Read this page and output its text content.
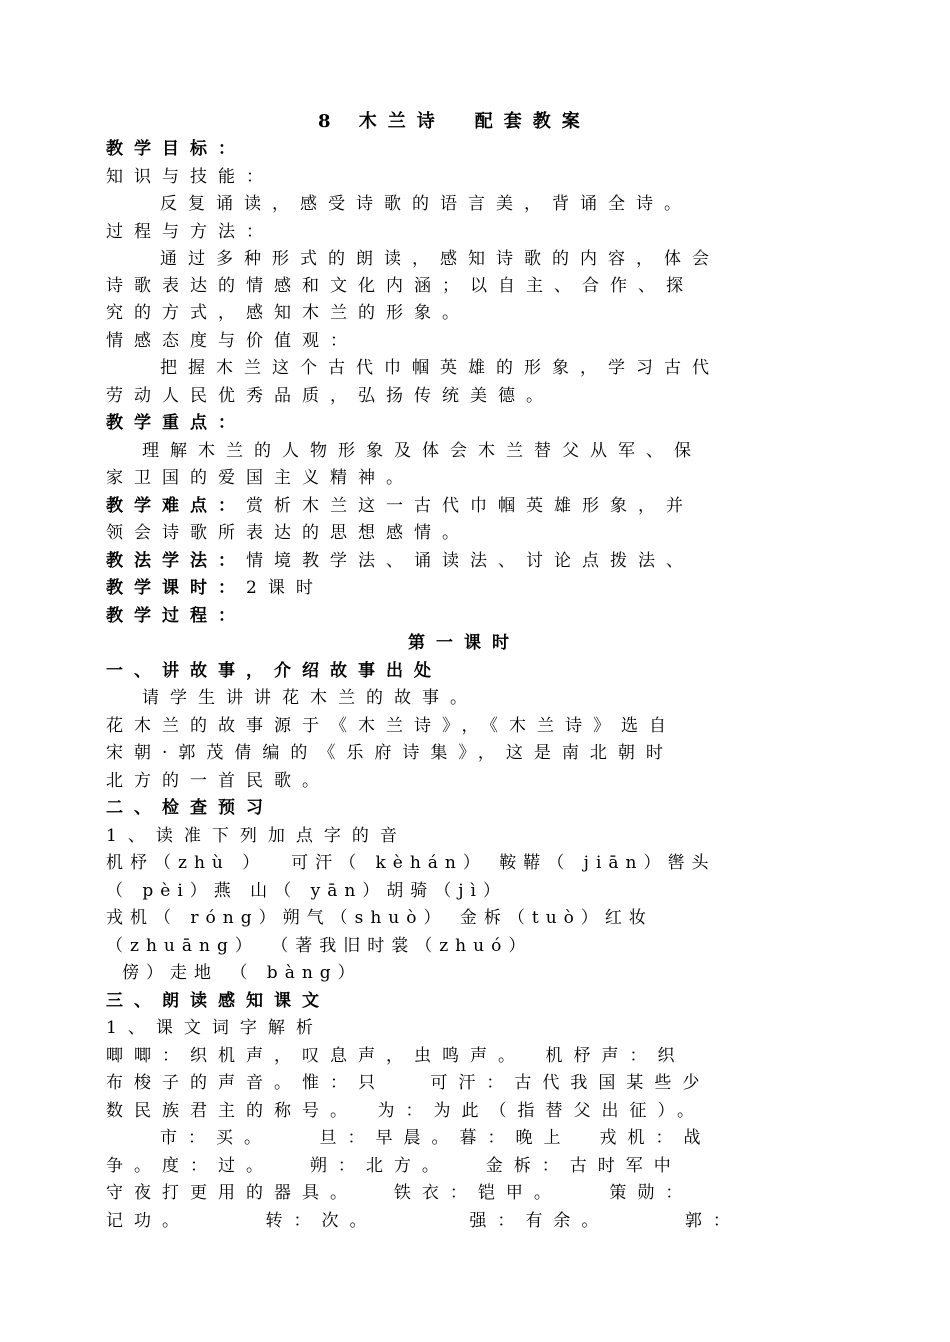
8 木兰诗　配套教案
教学目标：
知识与技能：
反复诵读，感受诗歌的语言美，背诵全诗。
过程与方法：
通过多种形式的朗读，感知诗歌的内容，体会
诗歌表达的情感和文化内涵；以自主、合作、探
究的方式，感知木兰的形象。
情感态度与价值观：
把握木兰这个古代巾帼英雄的形象，学习古代
劳动人民优秀品质，弘扬传统美德。
教学重点：
理解木兰的人物形象及体会木兰替父从军、保
家卫国的爱国主义精神。
教学难点：赏析木兰这一古代巾帼英雄形象，并
领会诗歌所表达的思想感情。
教法学法：情境教学法、诵读法、讨论点拨法、
教学课时：2课时
教学过程：
第一课时
一、讲故事，介绍故事出处
请学生讲讲花木兰的故事。
花木兰的故事源于《木兰诗》，《木兰诗》选自
宋朝·郭茂倩编的《乐府诗集》，这是南北朝时
北方的一首民歌。
二、检查预习
1、读准下列加点字的音
机杼（zhù ）  可汗（ kèhán） 鞍鞯（ jiān）辔头
（ pèi）燕 山（ yān）胡骑（jì）
戎机（ róng）朔气（shuò） 金柝（tuò）红妆
（zhuāng） （著我旧时裳（zhuó）
傍）走地 （ bàng）
三、朗读感知课文
1、课文词字解析
唧唧：织机声，叹息声，虫鸣声。　机杼声：织
布梭子的声音。惟：只　 可汗：古代我国某些少
数民族君主的称号。　为：为此（指替父出征）。
市：买。　　旦：早晨。暮：晚上　戎机：战
争。度：过。　 朔：北方。　 金柝：古时军中
守夜打更用的器具。　 铁衣：铠甲。　　策勋：
记功。　　　转：次。　　　 强：有余。　　　郭：
